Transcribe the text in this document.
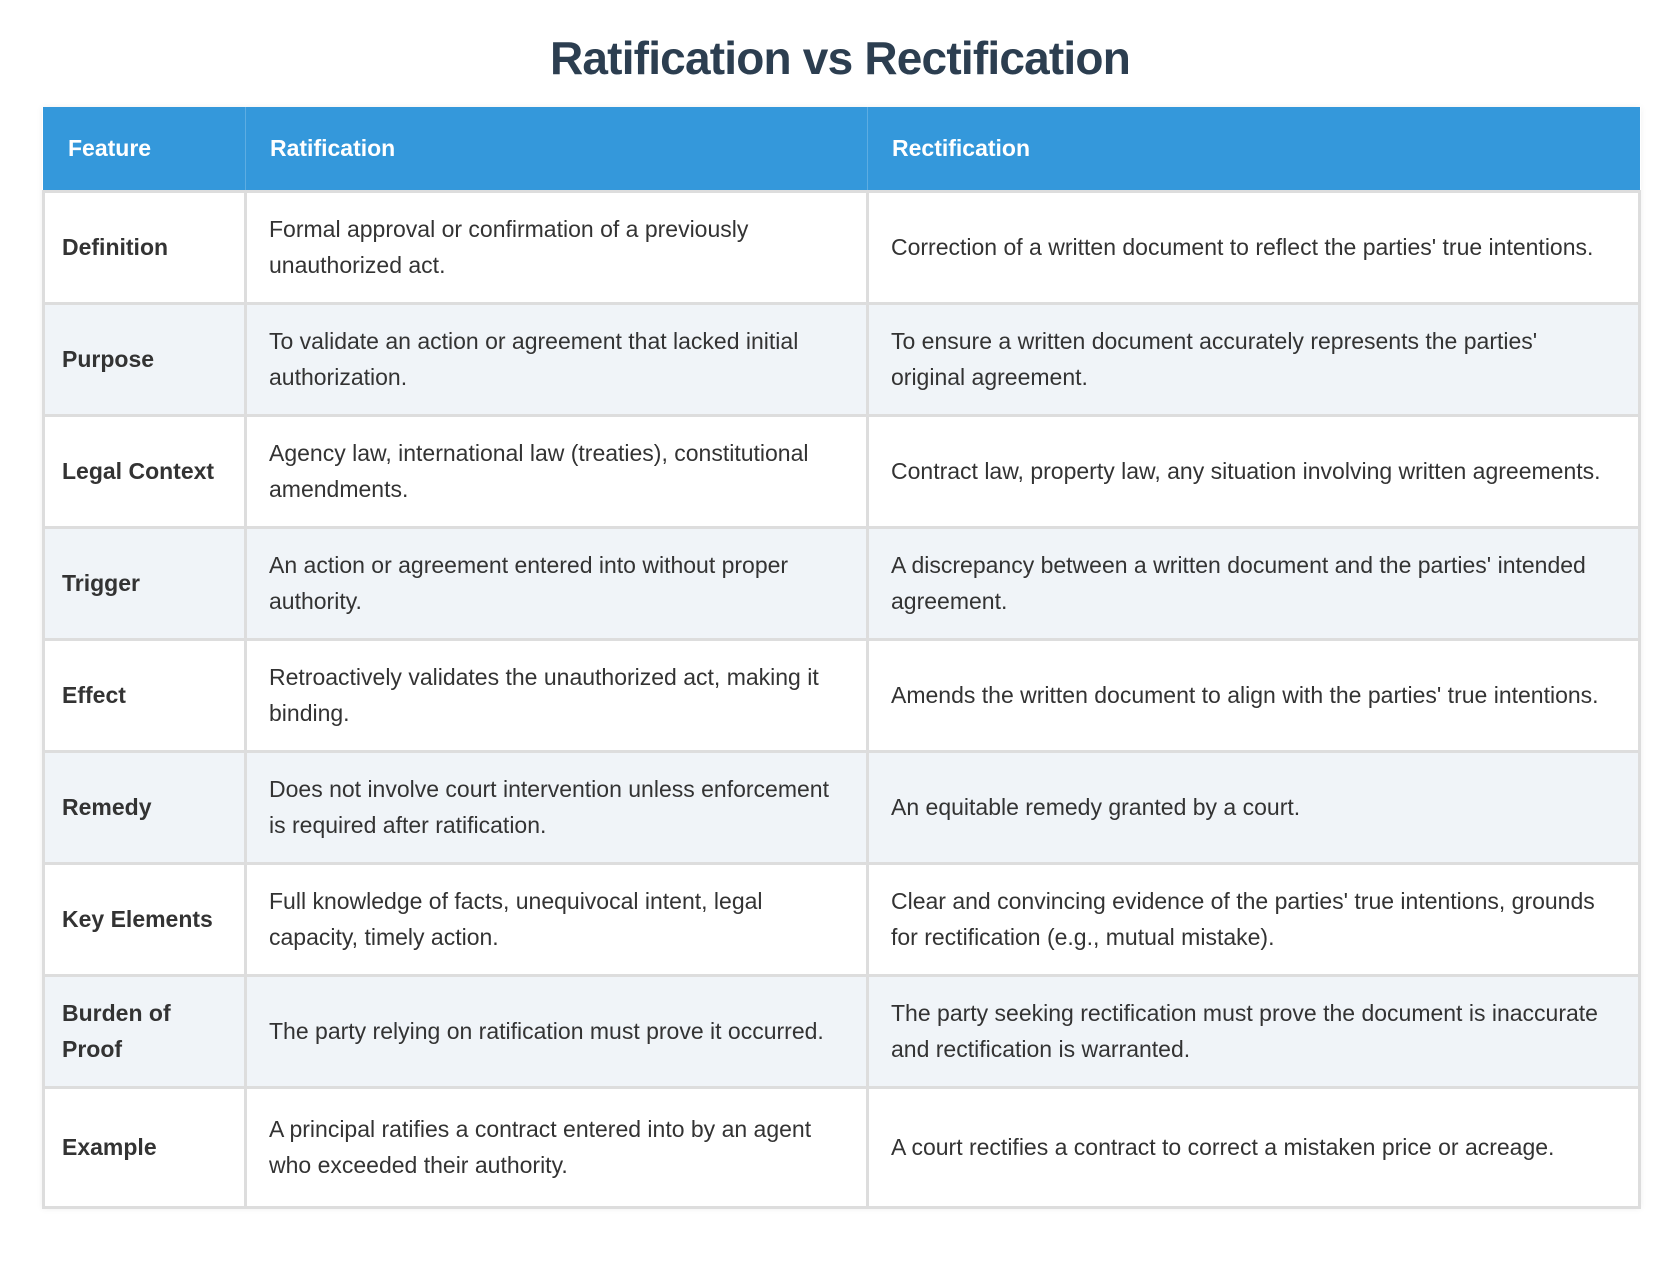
Ratification vs Rectification
Feature	Ratification	Rectification
Definition	Formal approval or confirmation of a previously unauthorized act.	Correction of a written document to reflect the parties' true intentions.
Purpose	To validate an action or agreement that lacked initial authorization.	To ensure a written document accurately represents the parties' original agreement.
Legal Context	Agency law, international law (treaties), constitutional amendments.	Contract law, property law, any situation involving written agreements.
Trigger	An action or agreement entered into without proper authority.	A discrepancy between a written document and the parties' intended agreement.
Effect	Retroactively validates the unauthorized act, making it binding.	Amends the written document to align with the parties' true intentions.
Remedy	Does not involve court intervention unless enforcement is required after ratification.	An equitable remedy granted by a court.
Key Elements	Full knowledge of facts, unequivocal intent, legal capacity, timely action.	Clear and convincing evidence of the parties' true intentions, grounds for rectification (e.g., mutual mistake).
Burden of Proof	The party relying on ratification must prove it occurred.	The party seeking rectification must prove the document is inaccurate and rectification is warranted.
Example	A principal ratifies a contract entered into by an agent who exceeded their authority.	A court rectifies a contract to correct a mistaken price or acreage.
